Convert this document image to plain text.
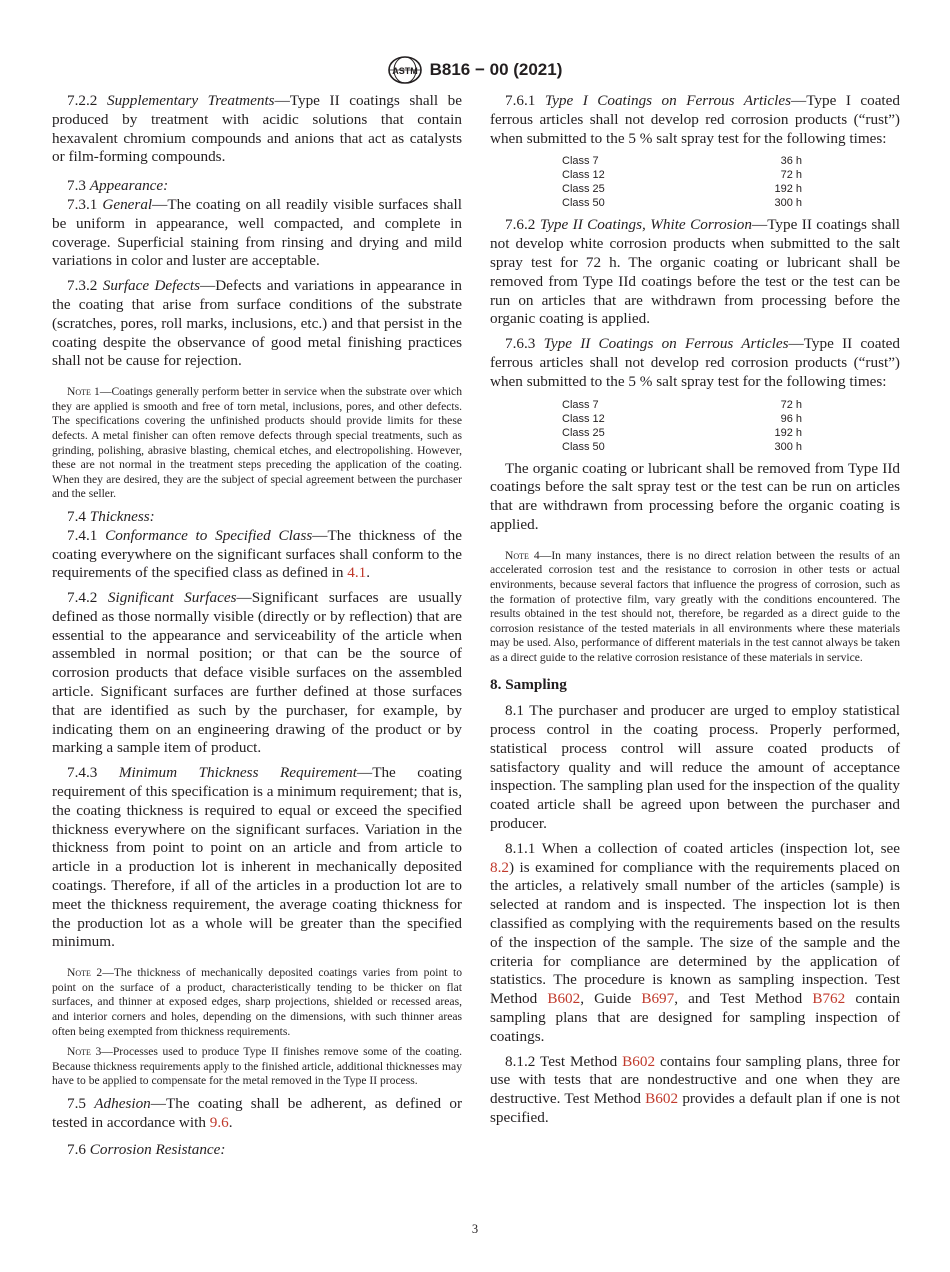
ASTM B816 − 00 (2021)

7.2.2 Supplementary Treatments—Type II coatings shall be produced by treatment with acidic solutions that contain hexavalent chromium compounds and anions that act as catalysts or film-forming compounds.

7.3 Appearance:

7.3.1 General—The coating on all readily visible surfaces shall be uniform in appearance, well compacted, and complete in coverage. Superficial staining from rinsing and drying and mild variations in color and luster are acceptable.

7.3.2 Surface Defects—Defects and variations in appearance in the coating that arise from surface conditions of the substrate (scratches, pores, roll marks, inclusions, etc.) and that persist in the coating despite the observance of good metal finishing practices shall not be cause for rejection.

Note 1—Coatings generally perform better in service when the substrate over which they are applied is smooth and free of torn metal, inclusions, pores, and other defects. The specifications covering the unfinished products should provide limits for these defects. A metal finisher can often remove defects through special treatments, such as grinding, polishing, abrasive blasting, chemical etches, and electropolishing. However, these are not normal in the treatment steps preceding the application of the coating. When they are desired, they are the subject of special agreement between the purchaser and the seller.

7.4 Thickness:

7.4.1 Conformance to Specified Class—The thickness of the coating everywhere on the significant surfaces shall conform to the requirements of the specified class as defined in 4.1.

7.4.2 Significant Surfaces—Significant surfaces are usually defined as those normally visible (directly or by reflection) that are essential to the appearance and serviceability of the article when assembled in normal position; or that can be the source of corrosion products that deface visible surfaces on the assembled article. Significant surfaces are further defined at those surfaces that are identified as such by the purchaser, for example, by indicating them on an engineering drawing of the product or by marking a sample item of product.

7.4.3 Minimum Thickness Requirement—The coating requirement of this specification is a minimum requirement; that is, the coating thickness is required to equal or exceed the specified thickness everywhere on the significant surfaces. Variation in the thickness from point to point on an article and from article to article in a production lot is inherent in mechanically deposited coatings. Therefore, if all of the articles in a production lot are to meet the thickness requirement, the average coating thickness for the production lot as a whole will be greater than the specified minimum.

Note 2—The thickness of mechanically deposited coatings varies from point to point on the surface of a product, characteristically tending to be thicker on flat surfaces, and thinner at exposed edges, sharp projections, shielded or recessed areas, and interior corners and holes, depending on the dimensions, with such thinner areas often being exempted from thickness requirements.

Note 3—Processes used to produce Type II finishes remove some of the coating. Because thickness requirements apply to the finished article, additional thicknesses may have to be applied to compensate for the metal removed in the Type II process.

7.5 Adhesion—The coating shall be adherent, as defined or tested in accordance with 9.6.

7.6 Corrosion Resistance:

7.6.1 Type I Coatings on Ferrous Articles—Type I coated ferrous articles shall not develop red corrosion products (“rust”) when submitted to the 5 % salt spray test for the following times:

Class 7	36 h
Class 12	72 h
Class 25	192 h
Class 50	300 h

7.6.2 Type II Coatings, White Corrosion—Type II coatings shall not develop white corrosion products when submitted to the salt spray test for 72 h. The organic coating or lubricant shall be removed from Type IId coatings before the test or the test can be run on articles that are withdrawn from processing before the organic coating is applied.

7.6.3 Type II Coatings on Ferrous Articles—Type II coated ferrous articles shall not develop red corrosion products (“rust”) when submitted to the 5 % salt spray test for the following times:

Class 7	72 h
Class 12	96 h
Class 25	192 h
Class 50	300 h

The organic coating or lubricant shall be removed from Type IId coatings before the salt spray test or the test can be run on articles that are withdrawn from processing before the organic coating is applied.

Note 4—In many instances, there is no direct relation between the results of an accelerated corrosion test and the resistance to corrosion in other tests or actual environments, because several factors that influence the progress of corrosion, such as the formation of protective film, vary greatly with the conditions encountered. The results obtained in the test should not, therefore, be regarded as a direct guide to the corrosion resistance of the tested materials in all environments where these materials may be used. Also, performance of different materials in the test cannot always be taken as a direct guide to the relative corrosion resistance of these materials in service.

8. Sampling

8.1 The purchaser and producer are urged to employ statistical process control in the coating process. Properly performed, statistical process control will assure coated products of satisfactory quality and will reduce the amount of acceptance inspection. The sampling plan used for the inspection of the quality coated article shall be agreed upon between the purchaser and producer.

8.1.1 When a collection of coated articles (inspection lot, see 8.2) is examined for compliance with the requirements placed on the articles, a relatively small number of the articles (sample) is selected at random and is inspected. The inspection lot is then classified as complying with the requirements based on the results of the inspection of the sample. The size of the sample and the criteria for compliance are determined by the application of statistics. The procedure is known as sampling inspection. Test Method B602, Guide B697, and Test Method B762 contain sampling plans that are designed for sampling inspection of coatings.

8.1.2 Test Method B602 contains four sampling plans, three for use with tests that are nondestructive and one when they are destructive. Test Method B602 provides a default plan if one is not specified.

3
